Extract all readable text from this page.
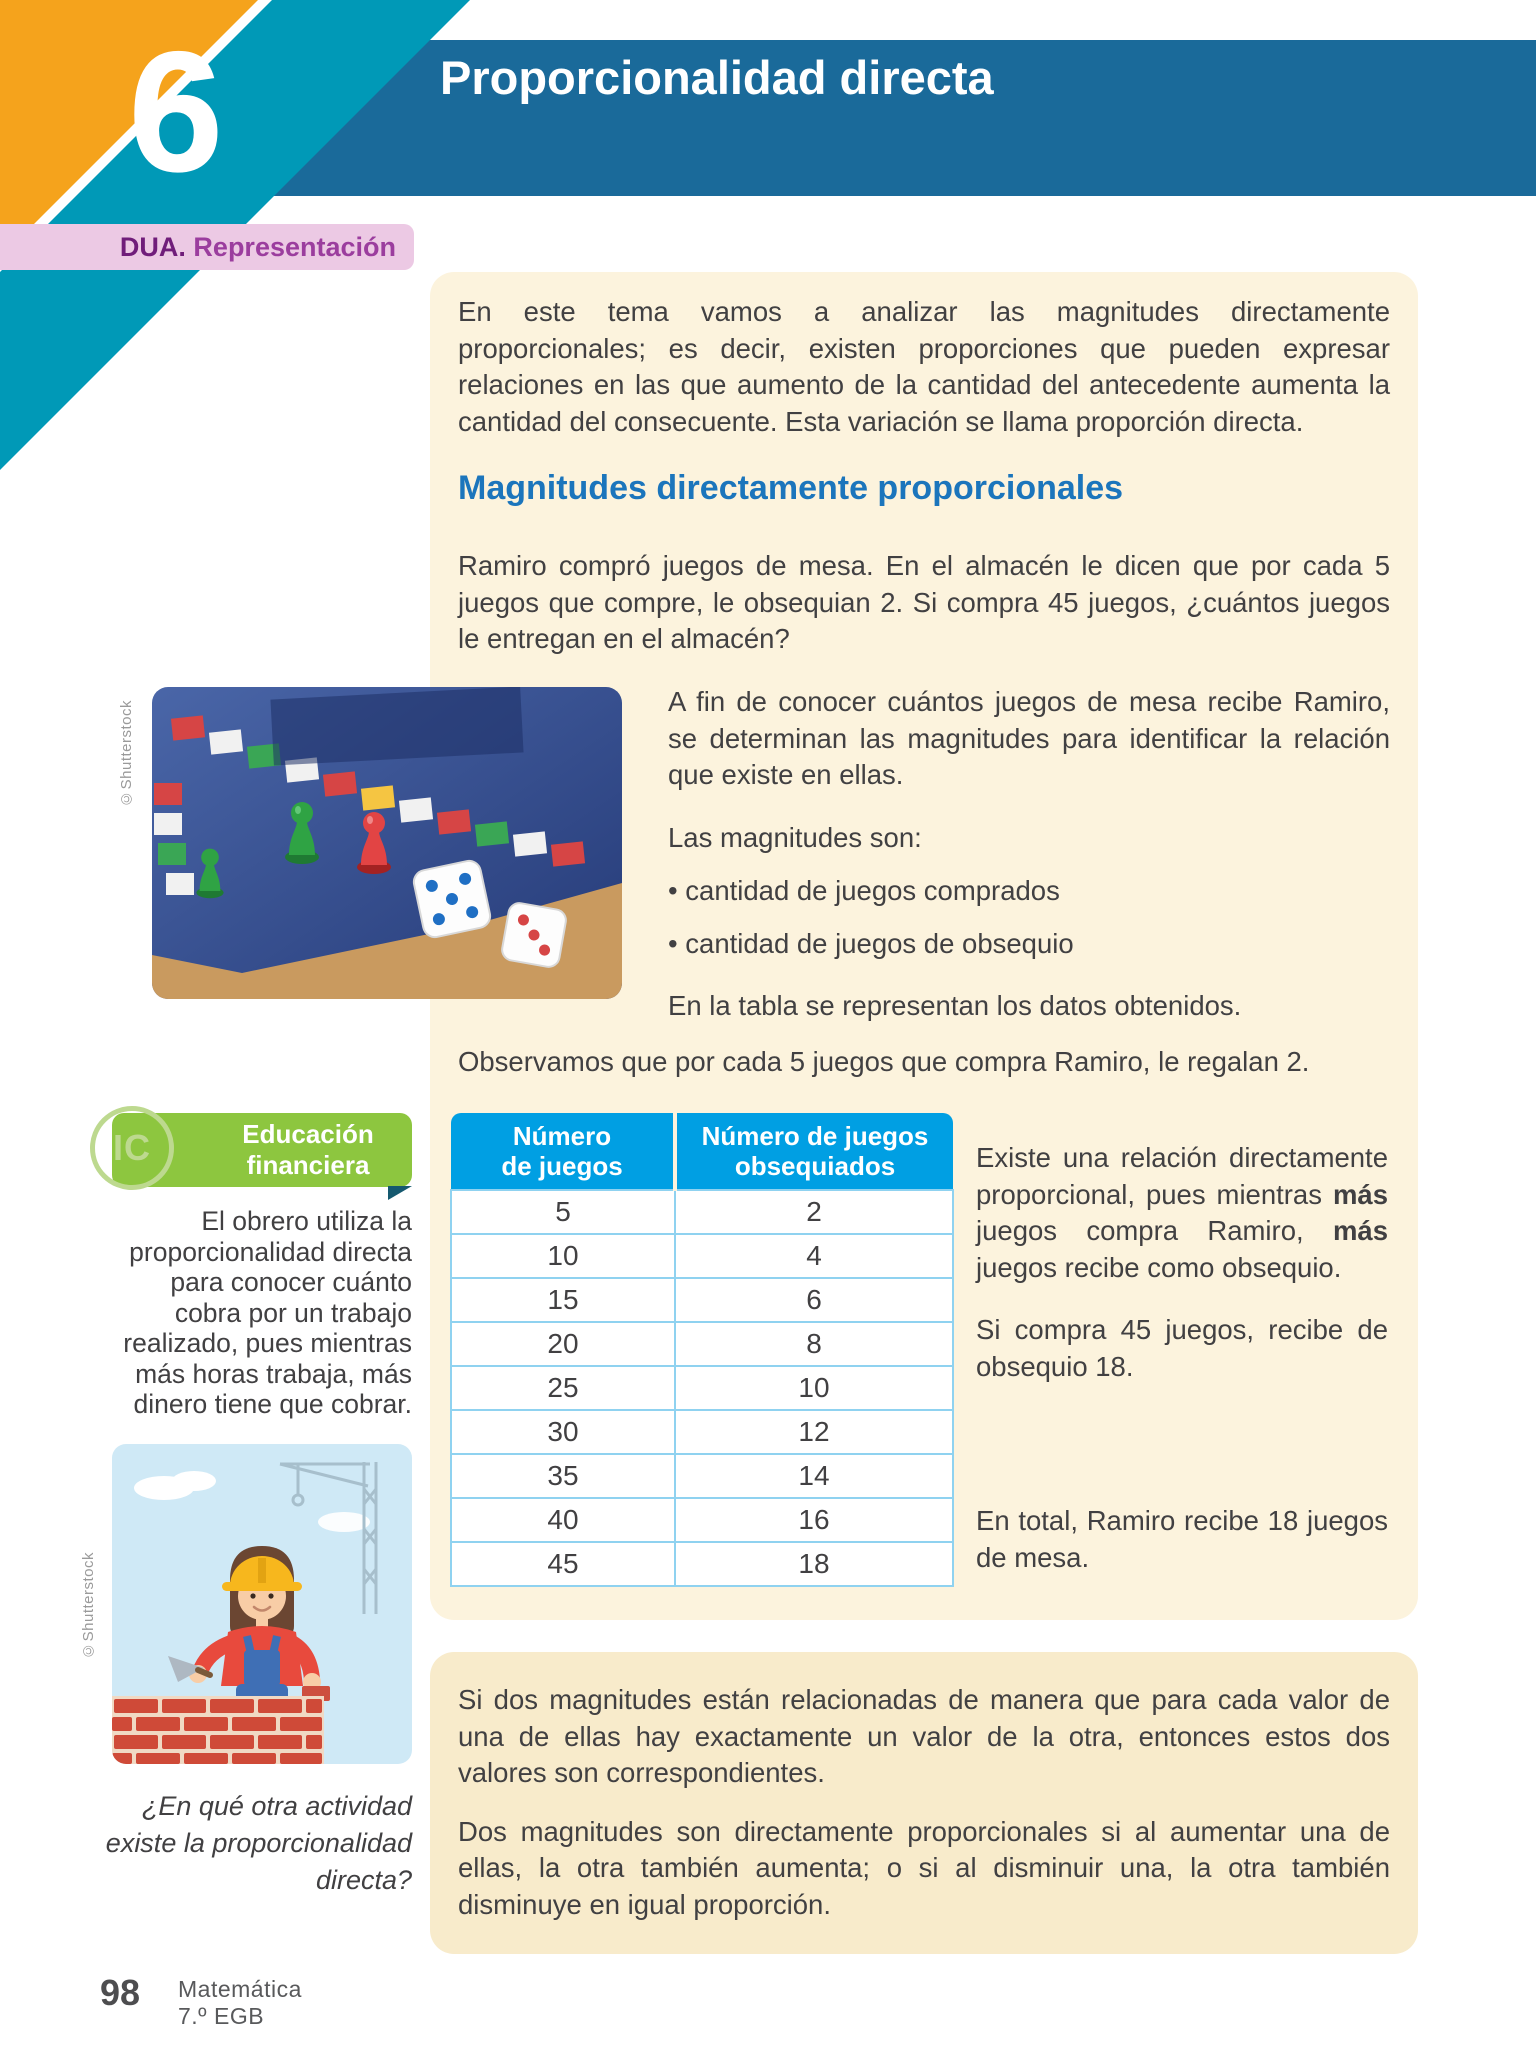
Proporcionalidad directa
6
DUA. Representación

En este tema vamos a analizar las magnitudes directamente proporcionales; es decir, existen proporciones que pueden expresar relaciones en las que aumento de la cantidad del antecedente aumenta la cantidad del consecuente. Esta variación se llama proporción directa.

Magnitudes directamente proporcionales

Ramiro compró juegos de mesa. En el almacén le dicen que por cada 5 juegos que compre, le obsequian 2. Si compra 45 juegos, ¿cuántos juegos le entregan en el almacén?

©Shutterstock	A fin de conocer cuántos juegos de mesa recibe Ramiro, se determinan las magnitudes para identificar la relación que existe en ellas.

Las magnitudes son:

• cantidad de juegos comprados
• cantidad de juegos de obsequio

En la tabla se representan los datos obtenidos.

Observamos que por cada 5 juegos que compra Ramiro, le regalan 2.

Número
de juegos	Número de juegos
obsequiados

5	2
10	4
15	6
20	8
25	10
30	12
35	14
40	16
45	18

Existe una relación directamente proporcional, pues mientras más juegos compra Ramiro, más juegos recibe como obsequio.

Si compra 45 juegos, recibe de obsequio 18.

En total, Ramiro recibe 18 juegos de mesa.

Si dos magnitudes están relacionadas de manera que para cada valor de una de ellas hay exactamente un valor de la otra, entonces estos dos valores son correspondientes.

Dos magnitudes son directamente proporcionales si al aumentar una de ellas, la otra también aumenta; o si al disminuir una, la otra también disminuye en igual proporción.

Educación
financiera
IC

El obrero utiliza la proporcionalidad directa para conocer cuánto cobra por un trabajo realizado, pues mientras más horas trabaja, más dinero tiene que cobrar.

©Shutterstock

¿En qué otra actividad existe la proporcionalidad directa?

98 Matemática
7.º EGB
